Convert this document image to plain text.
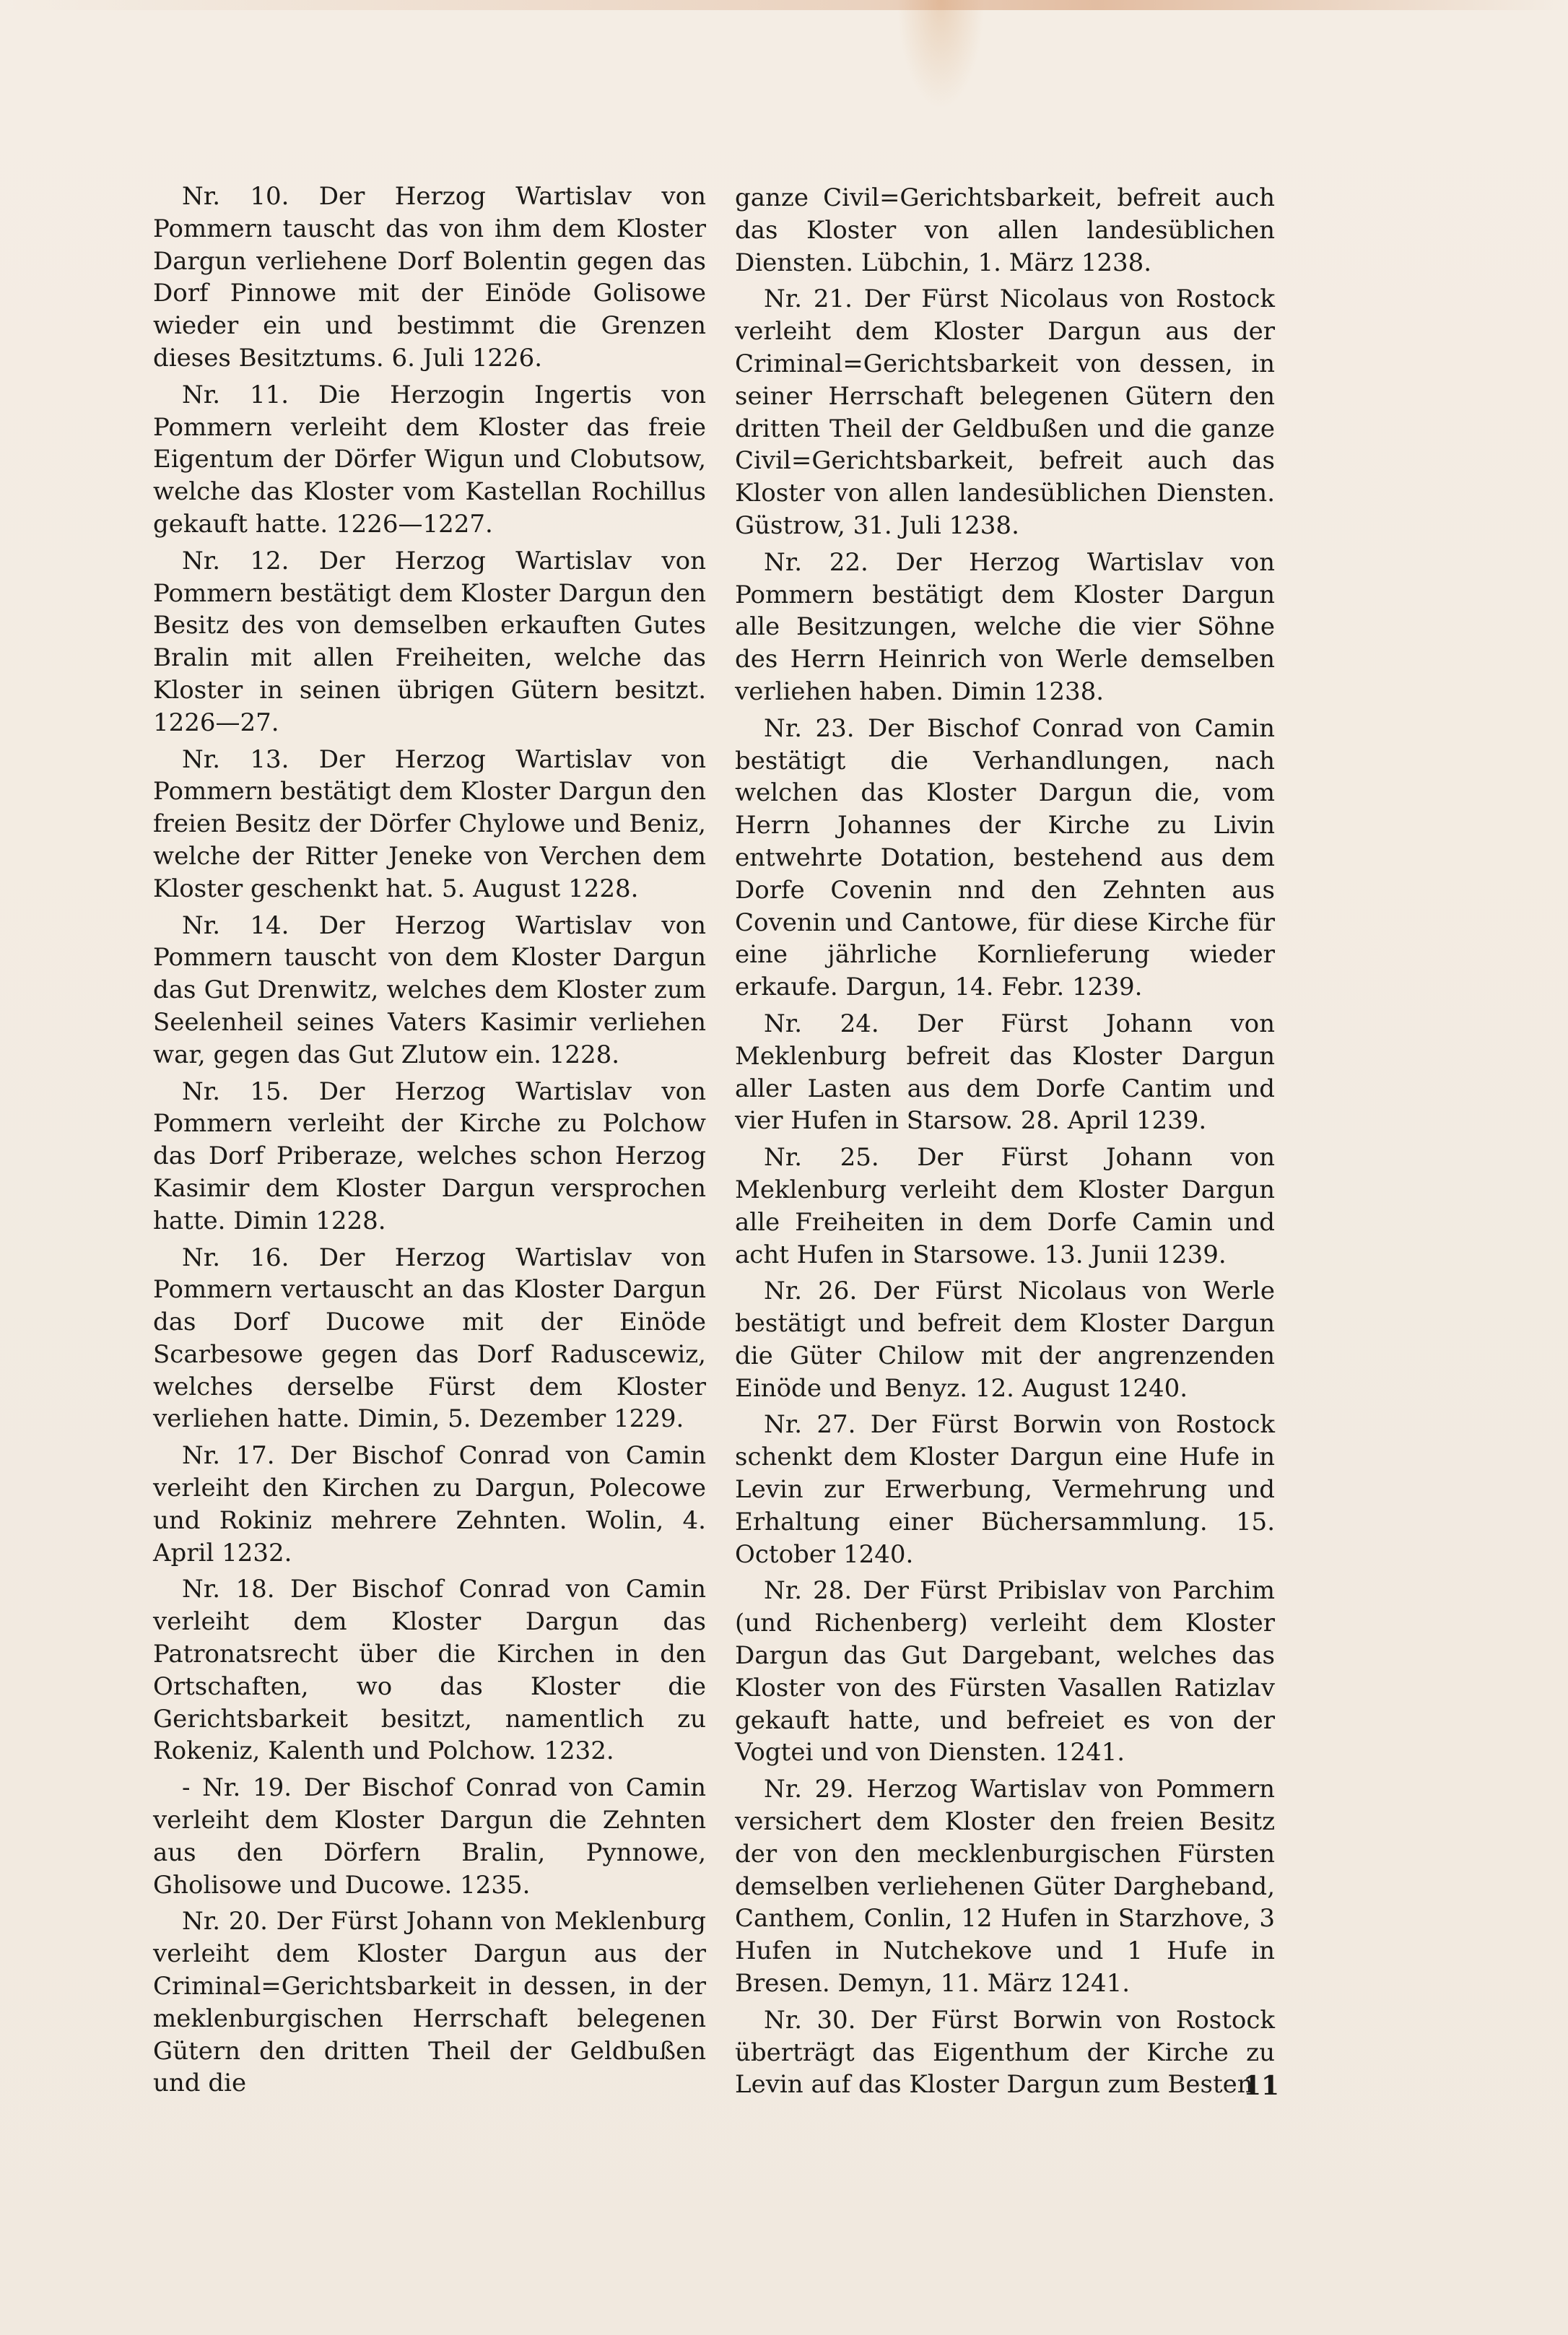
Nr. 10. Der Herzog Wartislav von Pommern tauscht das von ihm dem Kloster Dargun verliehene Dorf Bolentin gegen das Dorf Pinnowe mit der Einöde Golisowe wieder ein und bestimmt die Grenzen dieses Besitztums. 6. Juli 1226.

Nr. 11. Die Herzogin Ingertis von Pommern verleiht dem Kloster das freie Eigentum der Dörfer Wigun und Clobutsow, welche das Kloster vom Kastellan Rochillus gekauft hatte. 1226—1227.

Nr. 12. Der Herzog Wartislav von Pommern bestätigt dem Kloster Dargun den Besitz des von demselben erkauften Gutes Bralin mit allen Freiheiten, welche das Kloster in seinen übrigen Gütern besitzt. 1226—27.

Nr. 13. Der Herzog Wartislav von Pommern bestätigt dem Kloster Dargun den freien Besitz der Dörfer Chylowe und Beniz, welche der Ritter Jeneke von Verchen dem Kloster geschenkt hat. 5. August 1228.

Nr. 14. Der Herzog Wartislav von Pommern tauscht von dem Kloster Dargun das Gut Drenwitz, welches dem Kloster zum Seelenheil seines Vaters Kasimir verliehen war, gegen das Gut Zlutow ein. 1228.

Nr. 15. Der Herzog Wartislav von Pommern verleiht der Kirche zu Polchow das Dorf Priberaze, welches schon Herzog Kasimir dem Kloster Dargun versprochen hatte. Dimin 1228.

Nr. 16. Der Herzog Wartislav von Pommern vertauscht an das Kloster Dargun das Dorf Ducowe mit der Einöde Scarbesowe gegen das Dorf Raduscewiz, welches derselbe Fürst dem Kloster verliehen hatte. Dimin, 5. Dezember 1229.

Nr. 17. Der Bischof Conrad von Camin verleiht den Kirchen zu Dargun, Polecowe und Rokiniz mehrere Zehnten. Wolin, 4. April 1232.

Nr. 18. Der Bischof Conrad von Camin verleiht dem Kloster Dargun das Patronatsrecht über die Kirchen in den Ortschaften, wo das Kloster die Gerichtsbarkeit besitzt, namentlich zu Rokeniz, Kalenth und Polchow. 1232.

- Nr. 19. Der Bischof Conrad von Camin verleiht dem Kloster Dargun die Zehnten aus den Dörfern Bralin, Pynnowe, Gholisowe und Ducowe. 1235.

Nr. 20. Der Fürst Johann von Meklenburg verleiht dem Kloster Dargun aus der Criminal=Gerichtsbarkeit in dessen, in der meklenburgischen Herrschaft belegenen Gütern den dritten Theil der Geldbußen und die

ganze Civil=Gerichtsbarkeit, befreit auch das Kloster von allen landesüblichen Diensten. Lübchin, 1. März 1238.

Nr. 21. Der Fürst Nicolaus von Rostock verleiht dem Kloster Dargun aus der Criminal=Gerichtsbarkeit von dessen, in seiner Herrschaft belegenen Gütern den dritten Theil der Geldbußen und die ganze Civil=Gerichtsbarkeit, befreit auch das Kloster von allen landesüblichen Diensten. Güstrow, 31. Juli 1238.

Nr. 22. Der Herzog Wartislav von Pommern bestätigt dem Kloster Dargun alle Besitzungen, welche die vier Söhne des Herrn Heinrich von Werle demselben verliehen haben. Dimin 1238.

Nr. 23. Der Bischof Conrad von Camin bestätigt die Verhandlungen, nach welchen das Kloster Dargun die, vom Herrn Johannes der Kirche zu Livin entwehrte Dotation, bestehend aus dem Dorfe Covenin nnd den Zehnten aus Covenin und Cantowe, für diese Kirche für eine jährliche Kornlieferung wieder erkaufe. Dargun, 14. Febr. 1239.

Nr. 24. Der Fürst Johann von Meklenburg befreit das Kloster Dargun aller Lasten aus dem Dorfe Cantim und vier Hufen in Starsow. 28. April 1239.

Nr. 25. Der Fürst Johann von Meklenburg verleiht dem Kloster Dargun alle Freiheiten in dem Dorfe Camin und acht Hufen in Starsowe. 13. Junii 1239.

Nr. 26. Der Fürst Nicolaus von Werle bestätigt und befreit dem Kloster Dargun die Güter Chilow mit der angrenzenden Einöde und Benyz. 12. August 1240.

Nr. 27. Der Fürst Borwin von Rostock schenkt dem Kloster Dargun eine Hufe in Levin zur Erwerbung, Vermehrung und Erhaltung einer Büchersammlung. 15. October 1240.

Nr. 28. Der Fürst Pribislav von Parchim (und Richenberg) verleiht dem Kloster Dargun das Gut Dargebant, welches das Kloster von des Fürsten Vasallen Ratizlav gekauft hatte, und befreiet es von der Vogtei und von Diensten. 1241.

Nr. 29. Herzog Wartislav von Pommern versichert dem Kloster den freien Besitz der von den mecklenburgischen Fürsten demselben verliehenen Güter Dargheband, Canthem, Conlin, 12 Hufen in Starzhove, 3 Hufen in Nutchekove und 1 Hufe in Bresen. Demyn, 11. März 1241.

Nr. 30. Der Fürst Borwin von Rostock überträgt das Eigenthum der Kirche zu Levin auf das Kloster Dargun zum Besten

11
